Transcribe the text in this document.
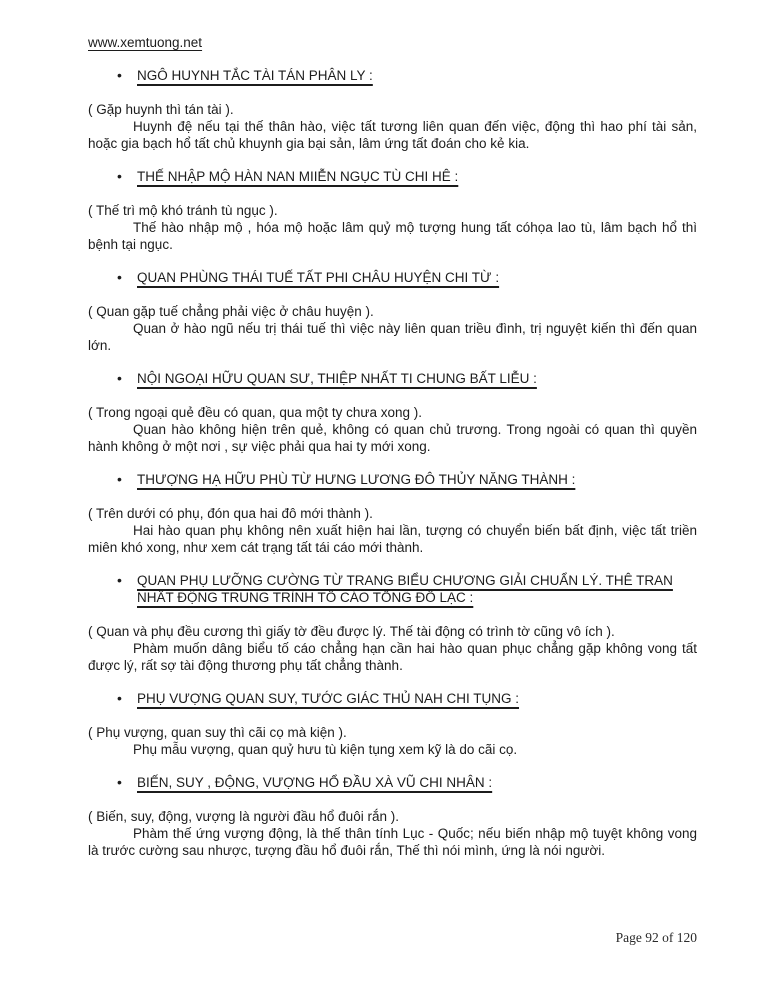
www.xemtuong.net
• NGÔ HUYNH TẮC TÀI TÁN PHÂN LY :

( Gặp huynh thì tán tài ).

Huynh đệ nếu tại thế thân hào, việc tất tương liên quan đến việc, động thì hao phí tài sản, hoặc gia bạch hổ tất chủ khuynh gia bại sản, lâm ứng tất đoán cho kẻ kia.

• THẾ NHẬP MỘ HÀN NAN MIIỄN NGỤC TÙ CHI HÊ :

( Thế trì mộ khó tránh tù ngục ).

Thế hào nhập mộ , hóa mộ hoặc lâm quỷ mộ tượng hung tất cóhọa lao tù, lâm bạch hổ thì bệnh tại ngục.

• QUAN PHÙNG THÁI TUẾ TẤT PHI CHÂU HUYỆN CHI TỪ :

( Quan gặp tuế chẳng phải việc ở châu huyện ).

Quan ở hào ngũ nếu trị thái tuế thì việc này liên quan triều đình, trị nguyệt kiến thì đến quan lớn.

• NỘI NGOẠI HỮU QUAN SƯ, THIỆP NHẤT TI CHUNG BẤT LIỄU :

( Trong ngoại quẻ đều có quan, qua một ty chưa xong ).

Quan hào không hiện trên quẻ, không có quan chủ trương. Trong ngoài có quan thì quyền hành không ở một nơi , sự việc phải qua hai ty mới xong.

• THƯỢNG HẠ HỮU PHÙ TỪ HƯNG LƯƠNG ĐÔ THỦY NĂNG THÀNH :

( Trên dưới có phụ, đón qua hai đô mới thành ).

Hai hào quan phụ không nên xuất hiện hai lần, tượng có chuyển biến bất định, việc tất triền miên khó xong, như xem cát trạng tất tái cáo mới thành.

• QUAN PHỤ LƯỠNG CƯỜNG TỪ TRANG BIỂU CHƯƠNG GIẢI CHUẨN LÝ. THÊ TRAN NHẤT ĐỘNG TRUNG TRÌNH TỐ CÁO TỔNG ĐỒ LẠC :

( Quan và phụ đều cương thì giấy tờ đều được lý. Thế tài động có trình tờ cũng vô ích ).

Phàm muốn dâng biểu tố cáo chẳng hạn cần hai hào quan phục chẳng gặp không vong tất được lý, rất sợ tài động thương phụ tất chẳng thành.

• PHỤ VƯỢNG QUAN SUY, TƯỚC GIÁC THỦ NAH CHI TỤNG :

( Phụ vượng, quan suy thì cãi cọ mà kiện ).

Phụ mẫu vượng, quan quỷ hưu tù kiện tụng xem kỹ là do cãi cọ.

• BIẾN, SUY , ĐỘNG, VƯỢNG HỔ ĐẦU XÀ VŨ CHI NHÂN :

( Biến, suy, động, vượng là người đầu hổ đuôi rắn ).

Phàm thế ứng vượng động, là thế thân tính Lục - Quốc; nếu biến nhập mộ tuyệt không vong là trước cường sau nhược, tượng đầu hổ đuôi rắn, Thế thì nói mình, ứng là nói người.

Page 92 of 120
